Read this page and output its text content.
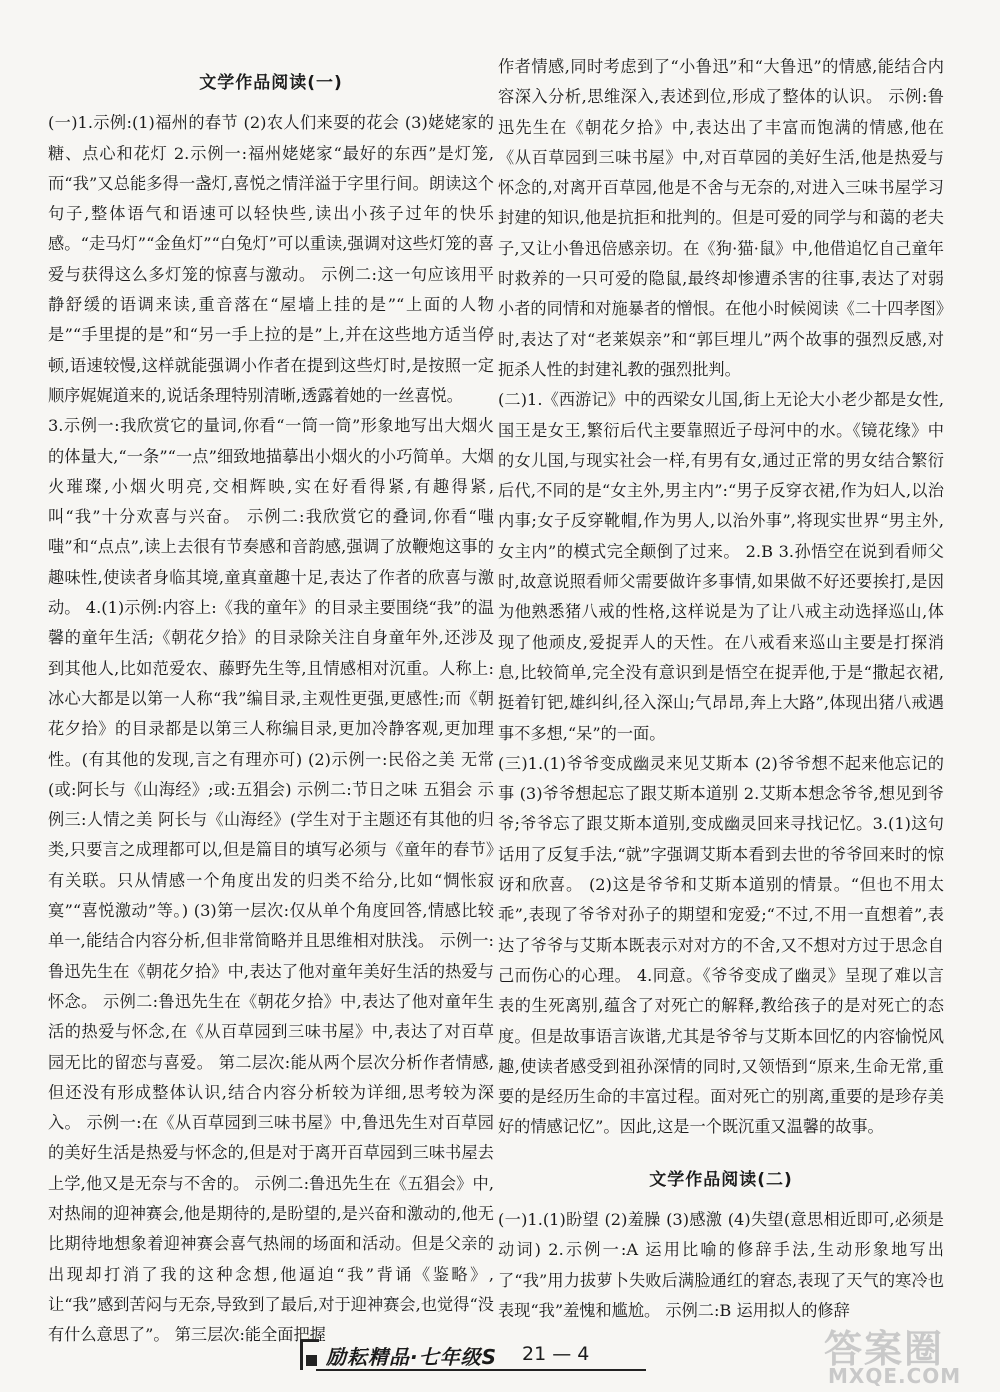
文学作品阅读(一)

(一)1.示例:(1)福州的春节 (2)农人们来耍的花会 (3)姥姥家的糖、点心和花灯 2.示例一:福州姥姥家“最好的东西”是灯笼,而“我”又总能多得一盏灯,喜悦之情洋溢于字里行间。朗读这个句子,整体语气和语速可以轻快些,读出小孩子过年的快乐感。“走马灯”“金鱼灯”“白兔灯”可以重读,强调对这些灯笼的喜爱与获得这么多灯笼的惊喜与激动。 示例二:这一句应该用平静舒缓的语调来读,重音落在“屋墙上挂的是”“上面的人物是”“手里提的是”和“另一手上拉的是”上,并在这些地方适当停顿,语速较慢,这样就能强调小作者在提到这些灯时,是按照一定顺序娓娓道来的,说话条理特别清晰,透露着她的一丝喜悦。

3.示例一:我欣赏它的量词,你看“一筒一筒”形象地写出大烟火的体量大,“一条”“一点”细致地描摹出小烟火的小巧简单。大烟火璀璨,小烟火明亮,交相辉映,实在好看得紧,有趣得紧,叫“我”十分欢喜与兴奋。 示例二:我欣赏它的叠词,你看“嗤嗤”和“点点”,读上去很有节奏感和音韵感,强调了放鞭炮这事的趣味性,使读者身临其境,童真童趣十足,表达了作者的欣喜与激动。 4.(1)示例:内容上:《我的童年》的目录主要围绕“我”的温馨的童年生活;《朝花夕拾》的目录除关注自身童年外,还涉及到其他人,比如范爱农、藤野先生等,且情感相对沉重。人称上:冰心大都是以第一人称“我”编目录,主观性更强,更感性;而《朝花夕拾》的目录都是以第三人称编目录,更加冷静客观,更加理性。(有其他的发现,言之有理亦可) (2)示例一:民俗之美 无常(或:阿长与《山海经》;或:五猖会) 示例二:节日之味 五猖会 示例三:人情之美 阿长与《山海经》(学生对于主题还有其他的归类,只要言之成理都可以,但是篇目的填写必须与《童年的春节》有关联。只从情感一个角度出发的归类不给分,比如“惆怅寂寞”“喜悦激动”等。) (3)第一层次:仅从单个角度回答,情感比较单一,能结合内容分析,但非常简略并且思维相对肤浅。 示例一:鲁迅先生在《朝花夕拾》中,表达了他对童年美好生活的热爱与怀念。 示例二:鲁迅先生在《朝花夕拾》中,表达了他对童年生活的热爱与怀念,在《从百草园到三味书屋》中,表达了对百草园无比的留恋与喜爱。 第二层次:能从两个层次分析作者情感,但还没有形成整体认识,结合内容分析较为详细,思考较为深入。 示例一:在《从百草园到三味书屋》中,鲁迅先生对百草园的美好生活是热爱与怀念的,但是对于离开百草园到三味书屋去上学,他又是无奈与不舍的。 示例二:鲁迅先生在《五猖会》中,对热闹的迎神赛会,他是期待的,是盼望的,是兴奋和激动的,他无比期待地想象着迎神赛会喜气热闹的场面和活动。但是父亲的出现却打消了我的这种念想,他逼迫“我”背诵《鉴略》,让“我”感到苦闷与无奈,导致到了最后,对于迎神赛会,也觉得“没有什么意思了”。 第三层次:能全面把握

作者情感,同时考虑到了“小鲁迅”和“大鲁迅”的情感,能结合内容深入分析,思维深入,表述到位,形成了整体的认识。 示例:鲁迅先生在《朝花夕拾》中,表达出了丰富而饱满的情感,他在《从百草园到三味书屋》中,对百草园的美好生活,他是热爱与怀念的,对离开百草园,他是不舍与无奈的,对进入三味书屋学习封建的知识,他是抗拒和批判的。但是可爱的同学与和蔼的老夫子,又让小鲁迅倍感亲切。在《狗·猫·鼠》中,他借追忆自己童年时救养的一只可爱的隐鼠,最终却惨遭杀害的往事,表达了对弱小者的同情和对施暴者的憎恨。在他小时候阅读《二十四孝图》时,表达了对“老莱娱亲”和“郭巨埋儿”两个故事的强烈反感,对扼杀人性的封建礼教的强烈批判。

(二)1.《西游记》中的西梁女儿国,街上无论大小老少都是女性,国王是女王,繁衍后代主要靠照近子母河中的水。《镜花缘》中的女儿国,与现实社会一样,有男有女,通过正常的男女结合繁衍后代,不同的是“女主外,男主内”:“男子反穿衣裙,作为妇人,以治内事;女子反穿靴帽,作为男人,以治外事”,将现实世界“男主外,女主内”的模式完全颠倒了过来。 2.B 3.孙悟空在说到看师父时,故意说照看师父需要做许多事情,如果做不好还要挨打,是因为他熟悉猪八戒的性格,这样说是为了让八戒主动选择巡山,体现了他顽皮,爱捉弄人的天性。在八戒看来巡山主要是打探消息,比较简单,完全没有意识到是悟空在捉弄他,于是“撒起衣裙,挺着钉钯,雄纠纠,径入深山;气昂昂,奔上大路”,体现出猪八戒遇事不多想,“呆”的一面。

(三)1.(1)爷爷变成幽灵来见艾斯本 (2)爷爷想不起来他忘记的事 (3)爷爷想起忘了跟艾斯本道别 2.艾斯本想念爷爷,想见到爷爷;爷爷忘了跟艾斯本道别,变成幽灵回来寻找记忆。3.(1)这句话用了反复手法,“就”字强调艾斯本看到去世的爷爷回来时的惊讶和欣喜。 (2)这是爷爷和艾斯本道别的情景。“但也不用太乖”,表现了爷爷对孙子的期望和宠爱;“不过,不用一直想着”,表达了爷爷与艾斯本既表示对对方的不舍,又不想对方过于思念自己而伤心的心理。 4.同意。《爷爷变成了幽灵》呈现了难以言表的生死离别,蕴含了对死亡的解释,教给孩子的是对死亡的态度。但是故事语言诙谐,尤其是爷爷与艾斯本回忆的内容愉悦风趣,使读者感受到祖孙深情的同时,又领悟到“原来,生命无常,重要的是经历生命的丰富过程。面对死亡的别离,重要的是珍存美好的情感记忆”。因此,这是一个既沉重又温馨的故事。

文学作品阅读(二)

(一)1.(1)盼望 (2)羞臊 (3)感激 (4)失望(意思相近即可,必须是动词) 2.示例一:A 运用比喻的修辞手法,生动形象地写出了“我”用力拔萝卜失败后满脸通红的窘态,表现了天气的寒冷也表现“我”羞愧和尴尬。 示例二:B 运用拟人的修辞

励耘精品·七年级S 21 — 4	答案圈
MXQE.COM
